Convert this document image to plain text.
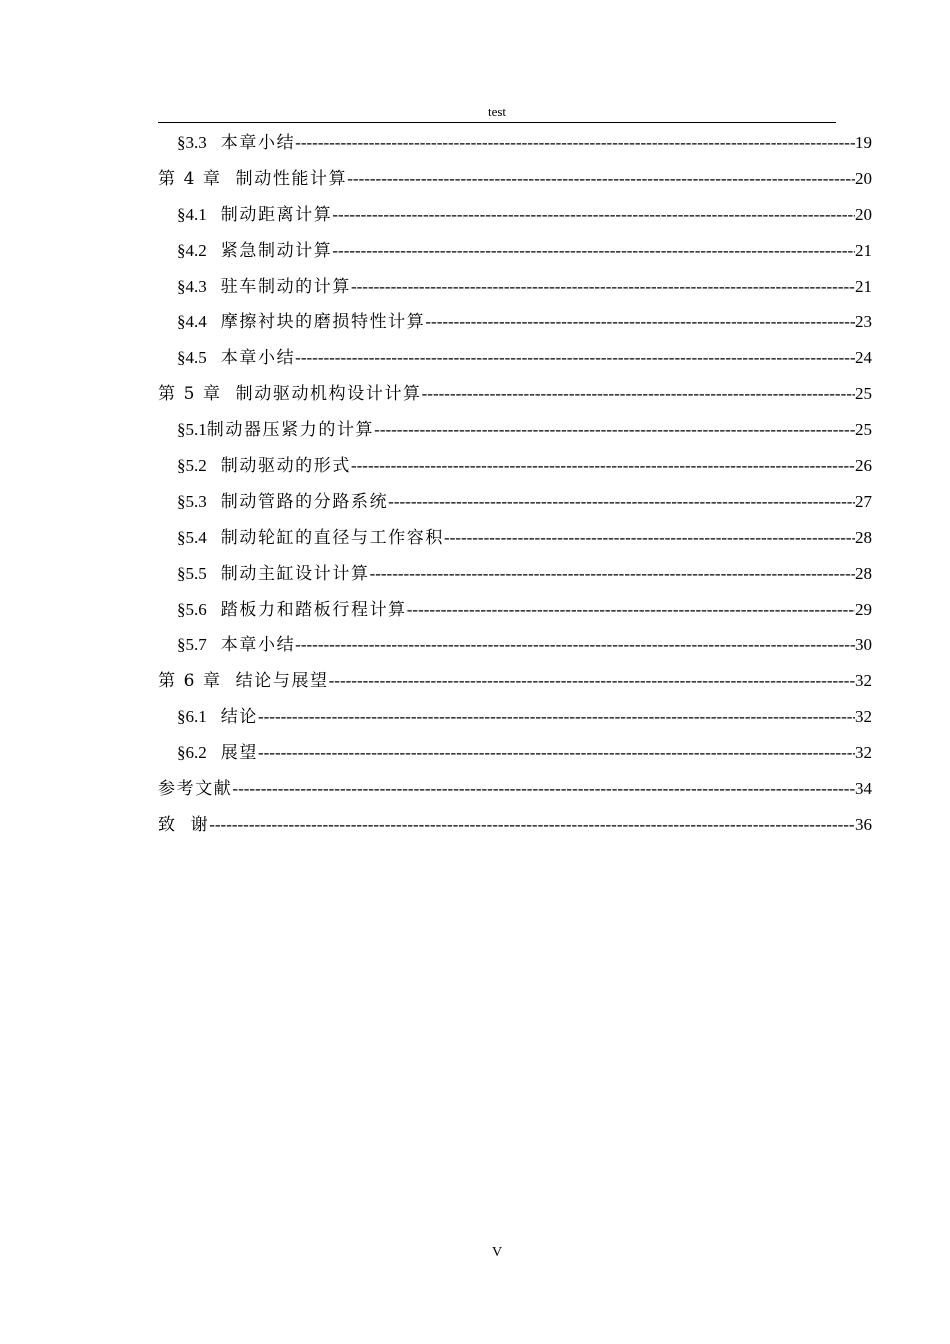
test
§3.3 本章小结 -----	19
第 4 章 制动性能计算 -----	20
§4.1 制动距离计算 -----	20
§4.2 紧急制动计算 -----	21
§4.3 驻车制动的计算 -----	21
§4.4 摩擦衬块的磨损特性计算 -----	23
§4.5 本章小结 -----	24
第 5 章 制动驱动机构设计计算 -----	25
§5.1制动器压紧力的计算 -----	25
§5.2 制动驱动的形式 -----	26
§5.3 制动管路的分路系统 -----	27
§5.4 制动轮缸的直径与工作容积 -----	28
§5.5 制动主缸设计计算 -----	28
§5.6 踏板力和踏板行程计算 -----	29
§5.7 本章小结 -----	30
第 6 章 结论与展望 -----	32
§6.1 结论 -----	32
§6.2 展望 -----	32
参考文献 -----	34
致  谢 -----	36
V
